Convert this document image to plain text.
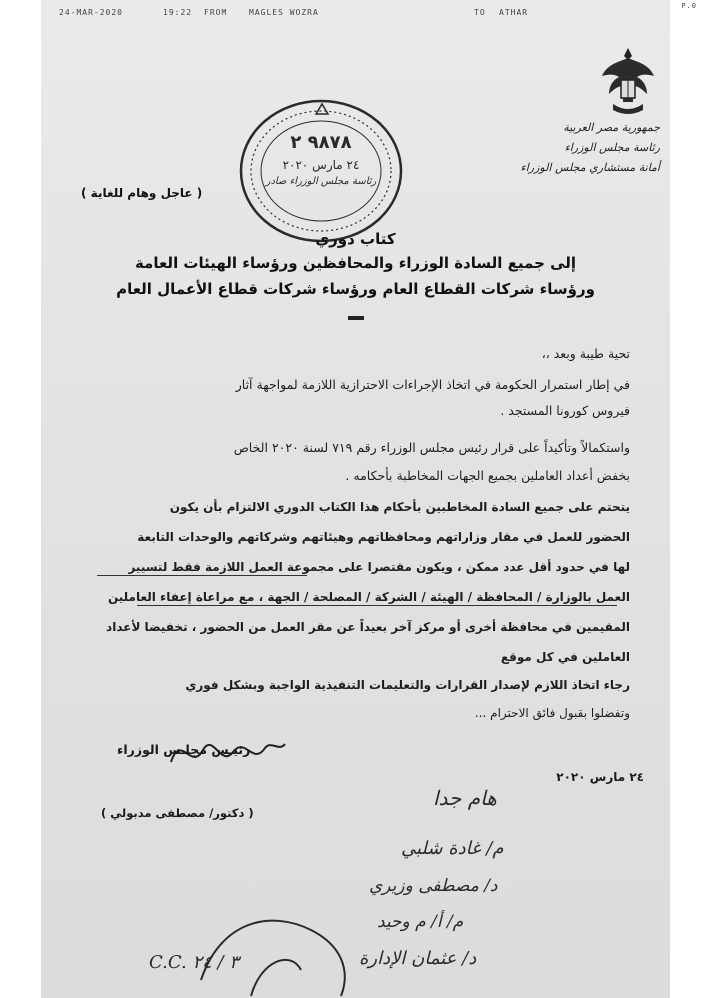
24-MAR-2020	19:22 FROM	MAGLES WOZRA	TO ATHAR
P.0
جمهورية مصر العربية
رئاسة مجلس الوزراء
أمانة مستشاري مجلس الوزراء
٩٨٧٨ ٢
٢٤ مارس ٢٠٢٠
رئاسة مجلس الوزراء صادر
( عاجل وهام للغاية )
كتاب دوري
إلى جميع السادة الوزراء والمحافظين ورؤساء الهيئات العامة
ورؤساء شركات القطاع العام ورؤساء شركات قطاع الأعمال العام
تحية طيبة وبعد ،،
في إطار استمرار الحكومة في اتخاذ الإجراءات الاحترازية اللازمة لمواجهة آثار
فيروس كورونا المستجد .
واستكمالاً وتأكيداً على قرار رئيس مجلس الوزراء رقم ٧١٩ لسنة ٢٠٢٠ الخاص
بخفض أعداد العاملين بجميع الجهات المخاطبة بأحكامه .
يتحتم على جميع السادة المخاطبين بأحكام هذا الكتاب الدوري الالتزام بأن يكون
الحضور للعمل في مقار وزاراتهم ومحافظاتهم وهيئاتهم وشركاتهم والوحدات التابعة
لها في حدود أقل عدد ممكن ، ويكون مقتصرا على مجموعة العمل اللازمة فقط لتسيير
العمل بالوزارة / المحافظة / الهيئة / الشركة / المصلحة / الجهة ، مع مراعاة إعفاء العاملين
المقيمين في محافظة أخرى أو مركز آخر بعيداً عن مقر العمل من الحضور ، تخفيضا لأعداد
العاملين في كل موقع
رجاء اتخاذ اللازم لإصدار القرارات والتعليمات التنفيذية الواجبة وبشكل فوري
وتفضلوا بقبول فائق الاحترام ...
رئيـس مجلـس الوزراء
٢٤ مارس ٢٠٢٠
( دكتور/ مصطفى مدبولي )
هام جدا
م/ غادة شلبي
د/ مصطفى وزيري
م/ أ/ م وحيد
د/ عثمان الإدارة
C.C. ٣ / ٢٤
